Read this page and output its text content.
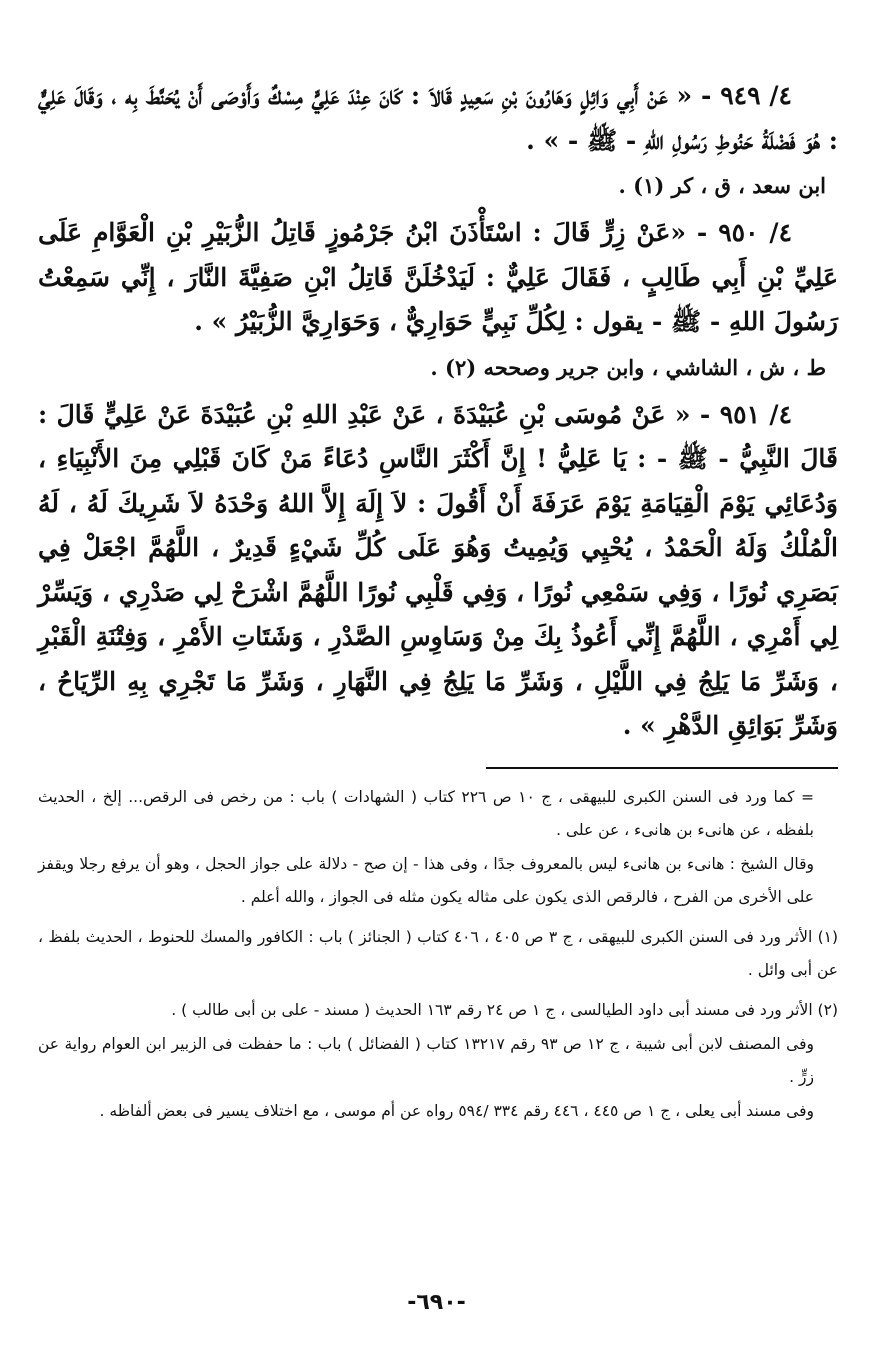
٤/ ٩٤٩ - « عَنْ أَبِي وَائِلٍ وَهَارُونَ بْنِ سَعِيدٍ قَالاَ : كَانَ عِنْدَ عَلِيٍّ مِسْكٌ وَأَوْصَى أَنْ يُحَنَّطَ بِه ، وَقَالَ عَلِيٌّ : هُوَ فَضْلَةُ حَنُوطِ رَسُولِ اللهِ - ﷺ - » .

ابن سعد ، ق ، كر (١) .

٤/ ٩٥٠ - «عَنْ زِرٍّ قَالَ : اسْتَأْذَنَ ابْنُ جَرْمُوزٍ قَاتِلُ الزُّبَيْرِ بْنِ الْعَوَّامِ عَلَى عَلِيِّ بْنِ أَبِي طَالِبٍ ، فَقَالَ عَلِيٌّ : لَيَدْخُلَنَّ قَاتِلُ ابْنِ صَفِيَّةَ النَّارَ ، إِنِّي سَمِعْتُ رَسُولَ اللهِ - ﷺ - يقول : لِكُلِّ نَبِيٍّ حَوَارِيٌّ ، وَحَوَارِيَّ الزُّبَيْرُ » .

ط ، ش ، الشاشي ، وابن جرير وصححه (٢) .

٤/ ٩٥١ - « عَنْ مُوسَى بْنِ عُبَيْدَةَ ، عَنْ عَبْدِ اللهِ بْنِ عُبَيْدَةَ عَنْ عَلِيٍّ قَالَ : قَالَ النَّبِيُّ - ﷺ - : يَا عَلِيُّ ! إِنَّ أَكْثَرَ النَّاسِ دُعَاءً مَنْ كَانَ قَبْلِي مِنَ الأَنْبِيَاءِ ، وَدُعَائِي يَوْمَ الْقِيَامَةِ يَوْمَ عَرَفَةَ أَنْ أَقُولَ : لاَ إِلَهَ إِلاَّ اللهُ وَحْدَهُ لاَ شَرِيكَ لَهُ ، لَهُ الْمُلْكُ وَلَهُ الْحَمْدُ ، يُحْيِي وَيُمِيتُ وَهُوَ عَلَى كُلِّ شَيْءٍ قَدِيرٌ ، اللَّهُمَّ اجْعَلْ فِي بَصَرِي نُورًا ، وَفِي سَمْعِي نُورًا ، وَفِي قَلْبِي نُورًا اللَّهُمَّ اشْرَحْ لِي صَدْرِي ، وَيَسِّرْ لِي أَمْرِي ، اللَّهُمَّ إِنِّي أَعُوذُ بِكَ مِنْ وَسَاوِسِ الصَّدْرِ ، وَشَتَاتِ الأَمْرِ ، وَفِتْنَةِ الْقَبْرِ ، وَشَرِّ مَا يَلِجُ فِي اللَّيْلِ ، وَشَرِّ مَا يَلِجُ فِي النَّهَارِ ، وَشَرِّ مَا تَجْرِي بِهِ الرِّيَاحُ ، وَشَرِّ بَوَائِقِ الدَّهْرِ » .

= كما ورد فى السنن الكبرى للبيهقى ، ج ١٠ ص ٢٢٦ كتاب ( الشهادات ) باب : من رخص فى الرقص... إلخ ، الحديث بلفظه ، عن هانىء بن هانىء ، عن على .

وقال الشيخ : هانىء بن هانىء ليس بالمعروف جدًا ، وفى هذا - إن صح - دلالة على جواز الحجل ، وهو أن يرفع رجلا ويقفز على الأخرى من الفرح ، فالرقص الذى يكون على مثاله يكون مثله فى الجواز ، والله أعلم .

(١) الأثر ورد فى السنن الكبرى للبيهقى ، ج ٣ ص ٤٠٥ ، ٤٠٦ كتاب ( الجنائز ) باب : الكافور والمسك للحنوط ، الحديث بلفظ ، عن أبى وائل .

(٢) الأثر ورد فى مسند أبى داود الطيالسى ، ج ١ ص ٢٤ رقم ١٦٣ الحديث ( مسند - على بن أبى طالب ) .

وفى المصنف لابن أبى شيبة ، ج ١٢ ص ٩٣ رقم ١٣٢١٧ كتاب ( الفضائل ) باب : ما حفظت فى الزبير ابن العوام رواية عن زرٍّ .

وفى مسند أبى يعلى ، ج ١ ص ٤٤٥ ، ٤٤٦ رقم ٣٣٤ /٥٩٤ رواه عن أم موسى ، مع اختلاف يسير فى بعض ألفاظه .

-٦٩٠-
